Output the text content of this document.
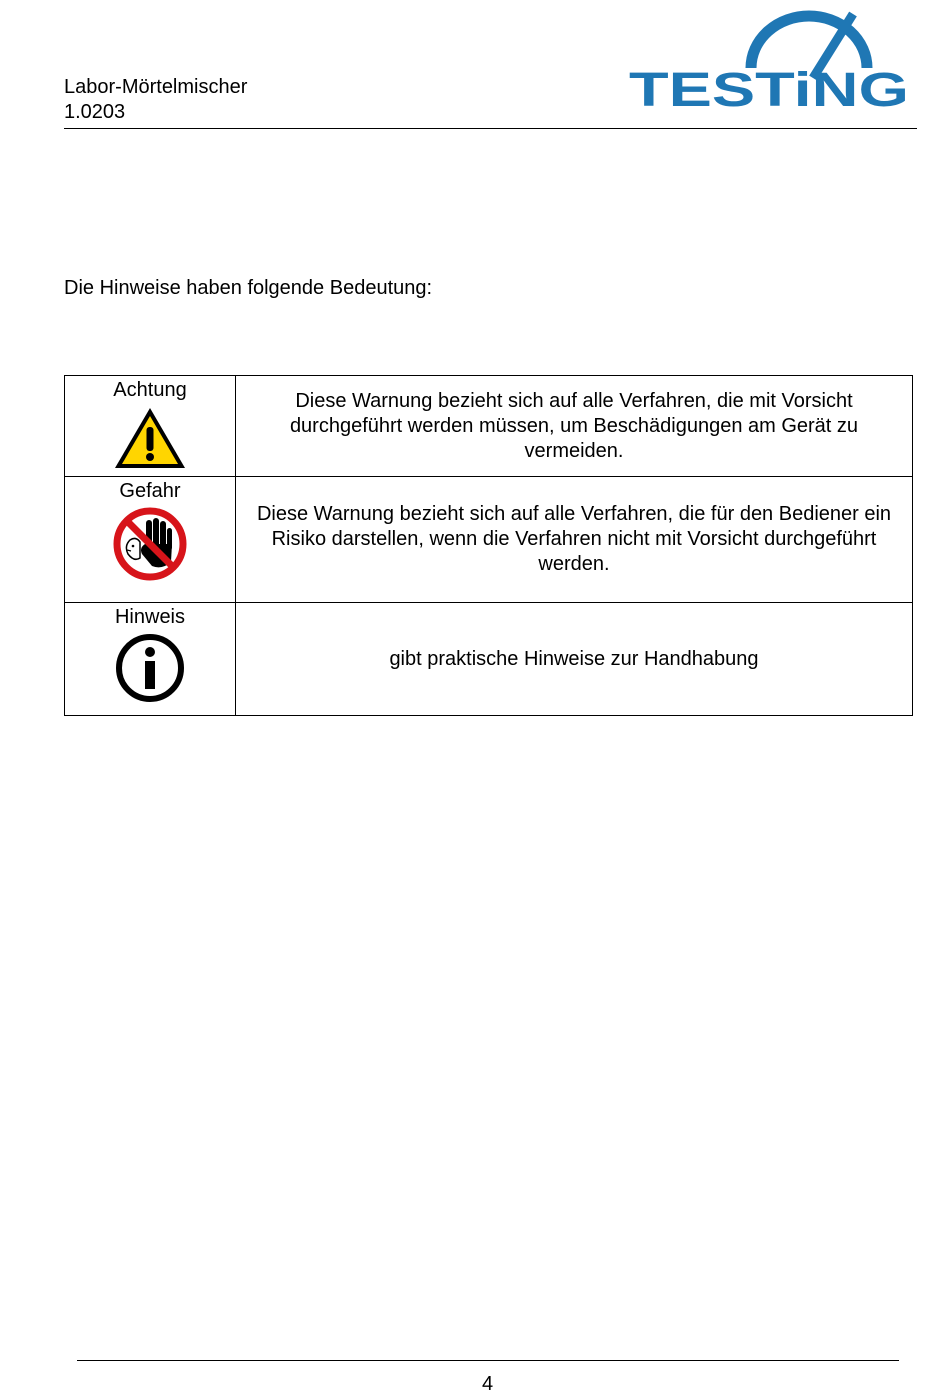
Labor-Mörtelmischer
1.0203	TESTiNG
Die Hinweise haben folgende Bedeutung:
Achtung	Diese Warnung bezieht sich auf alle Verfahren, die mit Vorsicht durchgeführt werden müssen, um Beschädigungen am Gerät zu vermeiden.

Gefahr	Diese Warnung bezieht sich auf alle Verfahren, die für den Bediener ein Risiko darstellen, wenn die Verfahren nicht mit Vorsicht durchgeführt werden.

Hinweis	gibt praktische Hinweise zur Handhabung
4
